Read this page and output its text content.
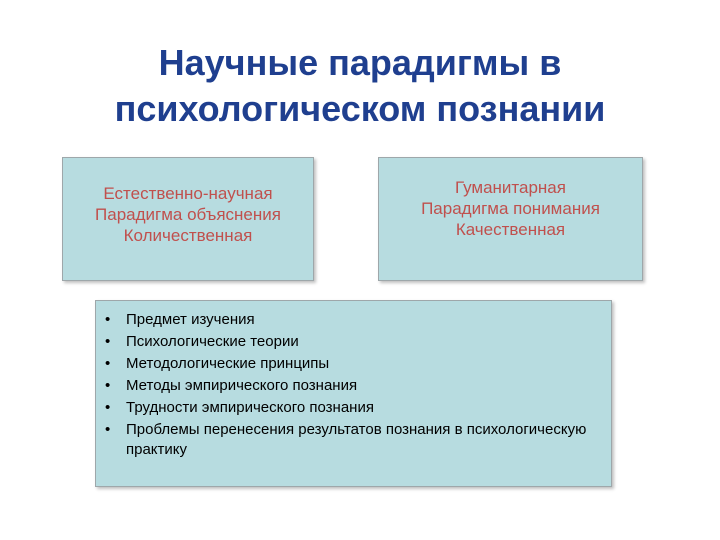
Научные парадигмы в
психологическом познании
Естественно-научная
Парадигма объяснения
Количественная
Гуманитарная
Парадигма понимания
Качественная
• Предмет изучения
• Психологические теории
• Методологические принципы
• Методы эмпирического познания
• Трудности эмпирического познания
• Проблемы перенесения результатов познания в психологическую практику
